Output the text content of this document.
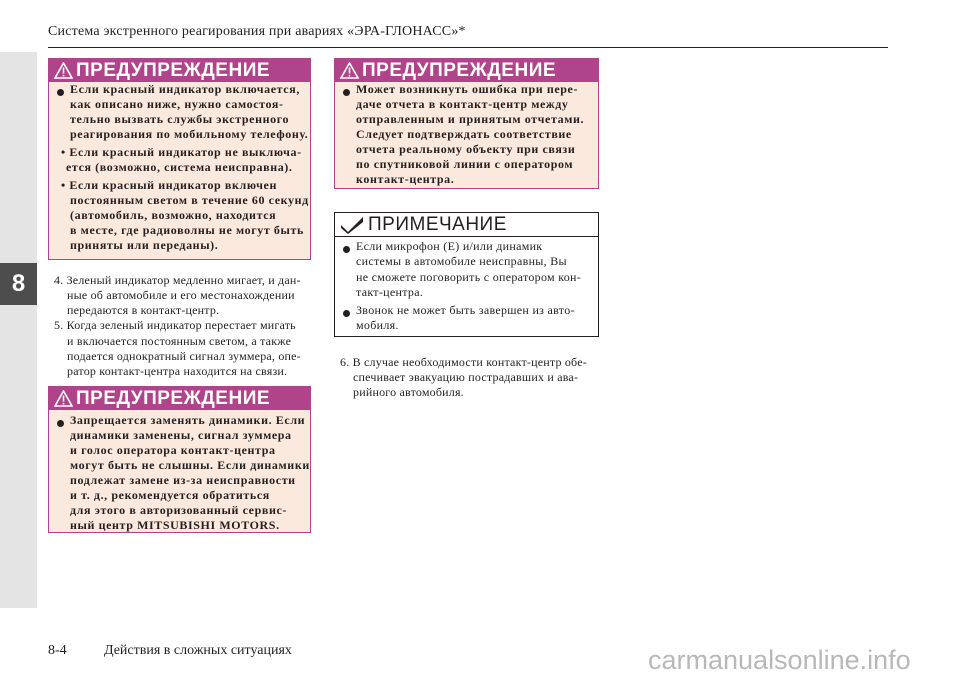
8
Система экстренного реагирования при авариях «ЭРА-ГЛОНАСС»*
ПРЕДУПРЕЖДЕНИЕ
Если красный индикатор включается,
как описано ниже, нужно самостоя-
тельно вызвать службы экстренного
реагирования по мобильному телефону.
• Если красный индикатор не выключа-
ется (возможно, система неисправна).
• Если красный индикатор включен
постоянным светом в течение 60 секунд
(автомобиль, возможно, находится
в месте, где радиоволны не могут быть
приняты или переданы).
4. Зеленый индикатор медленно мигает, и дан-
ные об автомобиле и его местонахождении
передаются в контакт-центр.
5. Когда зеленый индикатор перестает мигать
и включается постоянным светом, а также
подается однократный сигнал зуммера, опе-
ратор контакт-центра находится на связи.
ПРЕДУПРЕЖДЕНИЕ
Запрещается заменять динамики. Если
динамики заменены, сигнал зуммера
и голос оператора контакт-центра
могут быть не слышны. Если динамики
подлежат замене из-за неисправности
и т. д., рекомендуется обратиться
для этого в авторизованный сервис-
ный центр MITSUBISHI MOTORS.
ПРЕДУПРЕЖДЕНИЕ
Может возникнуть ошибка при пере-
даче отчета в контакт-центр между
отправленным и принятым отчетами.
Следует подтверждать соответствие
отчета реальному объекту при связи
по спутниковой линии с оператором
контакт-центра.
ПРИМЕЧАНИЕ
Если микрофон (E) и/или динамик
системы в автомобиле неисправны, Вы
не сможете поговорить с оператором кон-
такт-центра.
Звонок не может быть завершен из авто-
мобиля.
6. В случае необходимости контакт-центр обе-
спечивает эвакуацию пострадавших и ава-
рийного автомобиля.
8-4	Действия в сложных ситуациях	carmanualsonline.info
